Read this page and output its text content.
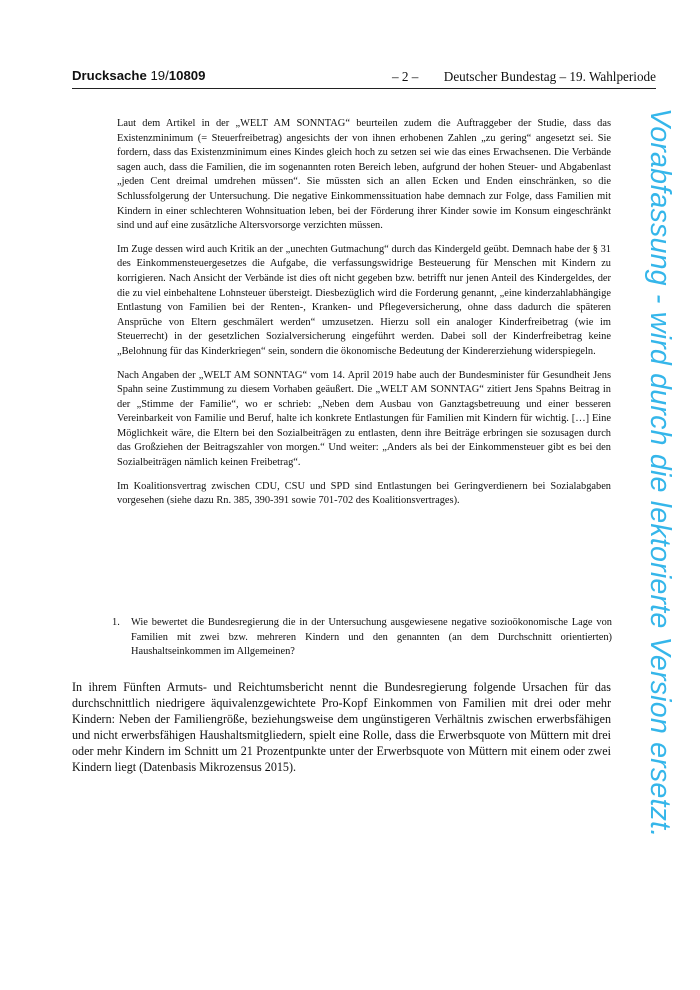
Drucksache 19/10809	– 2 – Deutscher Bundestag – 19. Wahlperiode

Laut dem Artikel in der „WELT AM SONNTAG“ beurteilen zudem die Auftraggeber der Studie, dass das Existenzminimum (= Steuerfreibetrag) angesichts der von ihnen erhobenen Zahlen „zu gering“ angesetzt sei. Sie fordern, dass das Existenzminimum eines Kindes gleich hoch zu setzen sei wie das eines Erwachsenen. Die Verbände sagen auch, dass die Familien, die im sogenannten roten Bereich leben, aufgrund der hohen Steuer- und Abgabenlast „jeden Cent dreimal umdrehen müssen“. Sie müssten sich an allen Ecken und Enden einschränken, so die Schlussfolgerung der Untersuchung. Die negative Einkommenssituation habe demnach zur Folge, dass Familien mit Kindern in einer schlechteren Wohnsituation leben, bei der Förderung ihrer Kinder sowie im Konsum eingeschränkt sind und auf eine zusätzliche Altersvorsorge verzichten müssen.

Im Zuge dessen wird auch Kritik an der „unechten Gutmachung“ durch das Kindergeld geübt. Demnach habe der § 31 des Einkommensteuergesetzes die Aufgabe, die verfassungswidrige Besteuerung für Menschen mit Kindern zu korrigieren. Nach Ansicht der Verbände ist dies oft nicht gegeben bzw. betrifft nur jenen Anteil des Kindergeldes, der die zu viel einbehaltene Lohnsteuer übersteigt. Diesbezüglich wird die Forderung genannt, „eine kinderzahlabhängige Entlastung von Familien bei der Renten-, Kranken- und Pflegeversicherung, ohne dass dadurch die späteren Ansprüche von Eltern geschmälert werden“ umzusetzen. Hierzu soll ein analoger Kinderfreibetrag (wie im Steuerrecht) in der gesetzlichen Sozialversicherung eingeführt werden. Dabei soll der Kinderfreibetrag keine „Belohnung für das Kinderkriegen“ sein, sondern die ökonomische Bedeutung der Kindererziehung widerspiegeln.

Nach Angaben der „WELT AM SONNTAG“ vom 14. April 2019 habe auch der Bundesminister für Gesundheit Jens Spahn seine Zustimmung zu diesem Vorhaben geäußert. Die „WELT AM SONNTAG“ zitiert Jens Spahns Beitrag in der „Stimme der Familie“, wo er schrieb: „Neben dem Ausbau von Ganztagsbetreuung und einer besseren Vereinbarkeit von Familie und Beruf, halte ich konkrete Entlastungen für Familien mit Kindern für wichtig. […] Eine Möglichkeit wäre, die Eltern bei den Sozialbeiträgen zu entlasten, denn ihre Beiträge erbringen sie sozusagen durch das Großziehen der Beitragszahler von morgen.“ Und weiter: „Anders als bei der Einkommensteuer gibt es bei den Sozialbeiträgen nämlich keinen Freibetrag“.

Im Koalitionsvertrag zwischen CDU, CSU und SPD sind Entlastungen bei Geringverdienern bei Sozialabgaben vorgesehen (siehe dazu Rn. 385, 390-391 sowie 701-702 des Koalitionsvertrages).

1. Wie bewertet die Bundesregierung die in der Untersuchung ausgewiesene negative sozioökonomische Lage von Familien mit zwei bzw. mehreren Kindern und den genannten (an dem Durchschnitt orientierten) Haushaltseinkommen im Allgemeinen?
In ihrem Fünften Armuts- und Reichtumsbericht nennt die Bundesregierung folgende Ursachen für das durchschnittlich niedrigere äquivalenzgewichtete Pro-Kopf Einkommen von Familien mit drei oder mehr Kindern: Neben der Familiengröße, beziehungsweise dem ungünstigeren Verhältnis zwischen erwerbsfähigen und nicht erwerbsfähigen Haushaltsmitgliedern, spielt eine Rolle, dass die Erwerbsquote von Müttern mit drei oder mehr Kindern im Schnitt um 21 Prozentpunkte unter der Erwerbsquote von Müttern mit einem oder zwei Kindern liegt (Datenbasis Mikrozensus 2015).	Vorabfassung - wird durch die lektorierte Version ersetzt.
